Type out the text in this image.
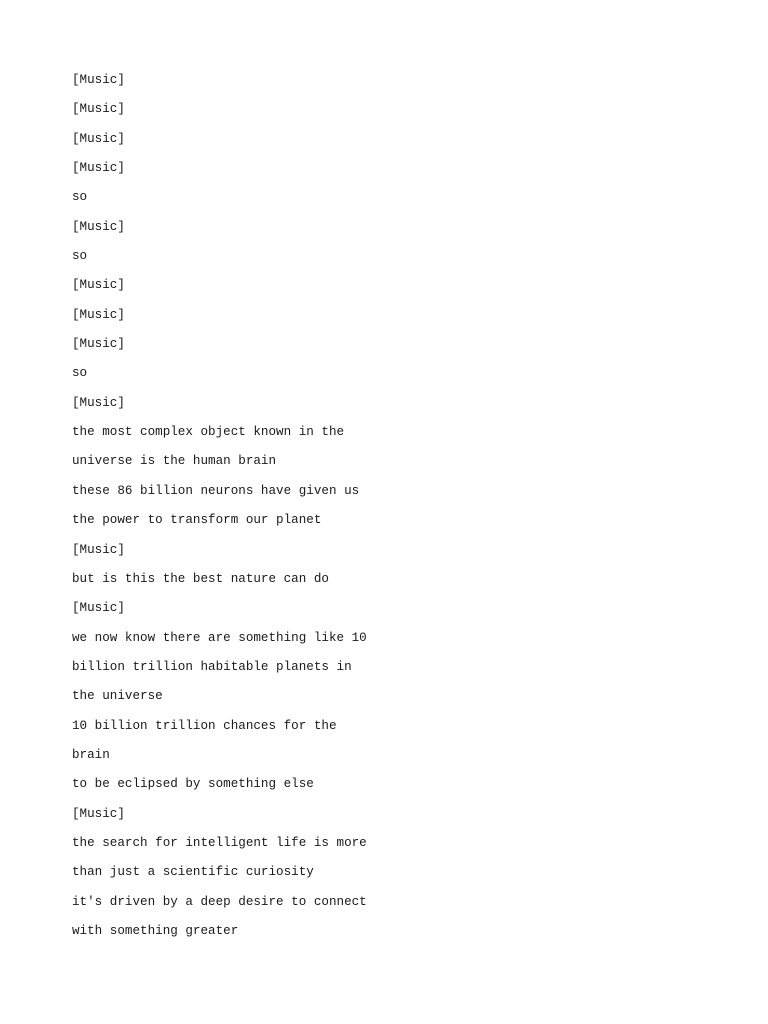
[Music]
[Music]
[Music]
[Music]
so
[Music]
so
[Music]
[Music]
[Music]
so
[Music]
the most complex object known in the
universe is the human brain
these 86 billion neurons have given us
the power to transform our planet
[Music]
but is this the best nature can do
[Music]
we now know there are something like 10
billion trillion habitable planets in
the universe
10 billion trillion chances for the
brain
to be eclipsed by something else
[Music]
the search for intelligent life is more
than just a scientific curiosity
it's driven by a deep desire to connect
with something greater
